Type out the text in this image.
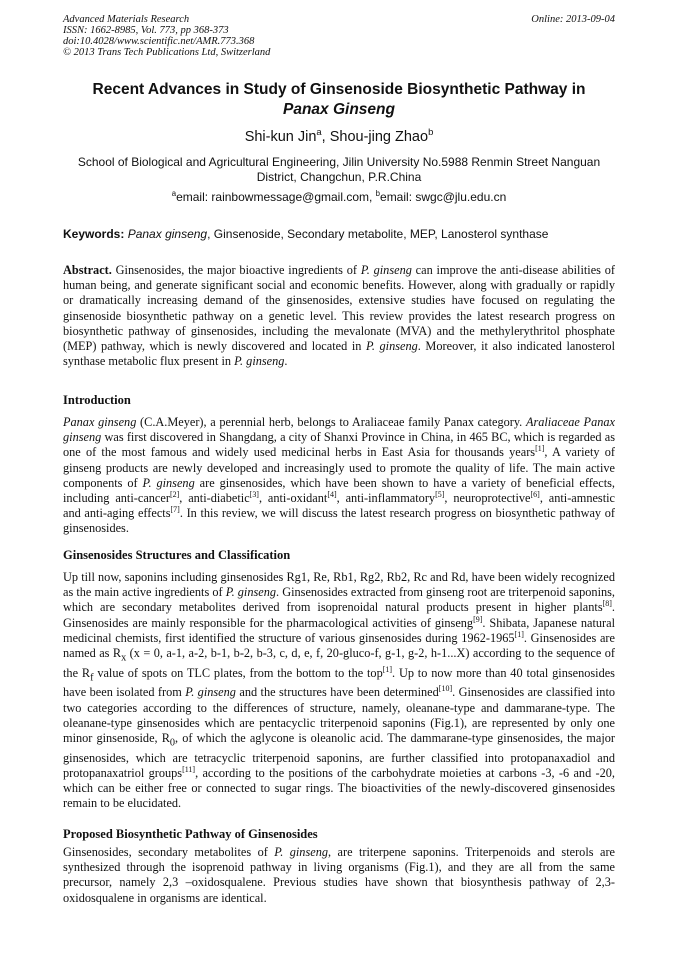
Advanced Materials Research
ISSN: 1662-8985, Vol. 773, pp 368-373
doi:10.4028/www.scientific.net/AMR.773.368
© 2013 Trans Tech Publications Ltd, Switzerland
Online: 2013-09-04
Recent Advances in Study of Ginsenoside Biosynthetic Pathway in
Panax Ginseng
Shi-kun Jin$^a$, Shou-jing Zhao$^b$
School of Biological and Agricultural Engineering, Jilin University No.5988 Renmin Street Nanguan District, Changchun, P.R.China
$^a$email: rainbowmessage@gmail.com, $^b$email: swgc@jlu.edu.cn
Keywords: Panax ginseng, Ginsenoside, Secondary metabolite, MEP, Lanosterol synthase
Abstract. Ginsenosides, the major bioactive ingredients of P. ginseng can improve the anti-disease abilities of human being, and generate significant social and economic benefits. However, along with gradually or rapidly or dramatically increasing demand of the ginsenosides, extensive studies have focused on regulating the ginsenoside biosynthetic pathway on a genetic level. This review provides the latest research progress on biosynthetic pathway of ginsenosides, including the mevalonate (MVA) and the methylerythritol phosphate (MEP) pathway, which is newly discovered and located in P. ginseng. Moreover, it also indicated lanosterol synthase metabolic flux present in P. ginseng.
Introduction
Panax ginseng (C.A.Meyer), a perennial herb, belongs to Araliaceae family Panax category. Araliaceae Panax ginseng was first discovered in Shangdang, a city of Shanxi Province in China, in 465 BC, which is regarded as one of the most famous and widely used medicinal herbs in East Asia for thousands years[1], A variety of ginseng products are newly developed and increasingly used to promote the quality of life. The main active components of P. ginseng are ginsenosides, which have been shown to have a variety of beneficial effects, including anti-cancer[2], anti-diabetic[3], anti-oxidant[4], anti-inflammatory[5], neuroprotective[6], anti-amnestic and anti-aging effects[7]. In this review, we will discuss the latest research progress on biosynthetic pathway of ginsenosides.
Ginsenosides Structures and Classification
Up till now, saponins including ginsenosides Rg1, Re, Rb1, Rg2, Rb2, Rc and Rd, have been widely recognized as the main active ingredients of P. ginseng. Ginsenosides extracted from ginseng root are triterpenoid saponins, which are secondary metabolites derived from isoprenoidal natural products present in higher plants[8]. Ginsenosides are mainly responsible for the pharmacological activities of ginseng[9]. Shibata, Japanese natural medicinal chemists, first identified the structure of various ginsenosides during 1962-1965[1]. Ginsenosides are named as $R_x$ (x = 0, a-1, a-2, b-1, b-2, b-3, c, d, e, f, 20-gluco-f, g-1, g-2, h-1...X) according to the sequence of the $R_f$ value of spots on TLC plates, from the bottom to the top[1]. Up to now more than 40 total ginsenosides have been isolated from P. ginseng and the structures have been determined[10]. Ginsenosides are classified into two categories according to the differences of structure, namely, oleanane-type and dammarane-type. The oleanane-type ginsenosides which are pentacyclic triterpenoid saponins (Fig.1), are represented by only one minor ginsenoside, $R_0$, of which the aglycone is oleanolic acid. The dammarane-type ginsenosides, the major ginsenosides, which are tetracyclic triterpenoid saponins, are further classified into protopanaxadiol and protopanaxatriol groups[11], according to the positions of the carbohydrate moieties at carbons -3, -6 and -20, which can be either free or connected to sugar rings. The bioactivities of the newly-discovered ginsenosides remain to be elucidated.
Proposed Biosynthetic Pathway of Ginsenosides
Ginsenosides, secondary metabolites of P. ginseng, are triterpene saponins. Triterpenoids and sterols are synthesized through the isoprenoid pathway in living organisms (Fig.1), and they are all from the same precursor, namely 2,3 –oxidosqualene. Previous studies have shown that biosynthesis pathway of 2,3-oxidosqualene in organisms are identical.
